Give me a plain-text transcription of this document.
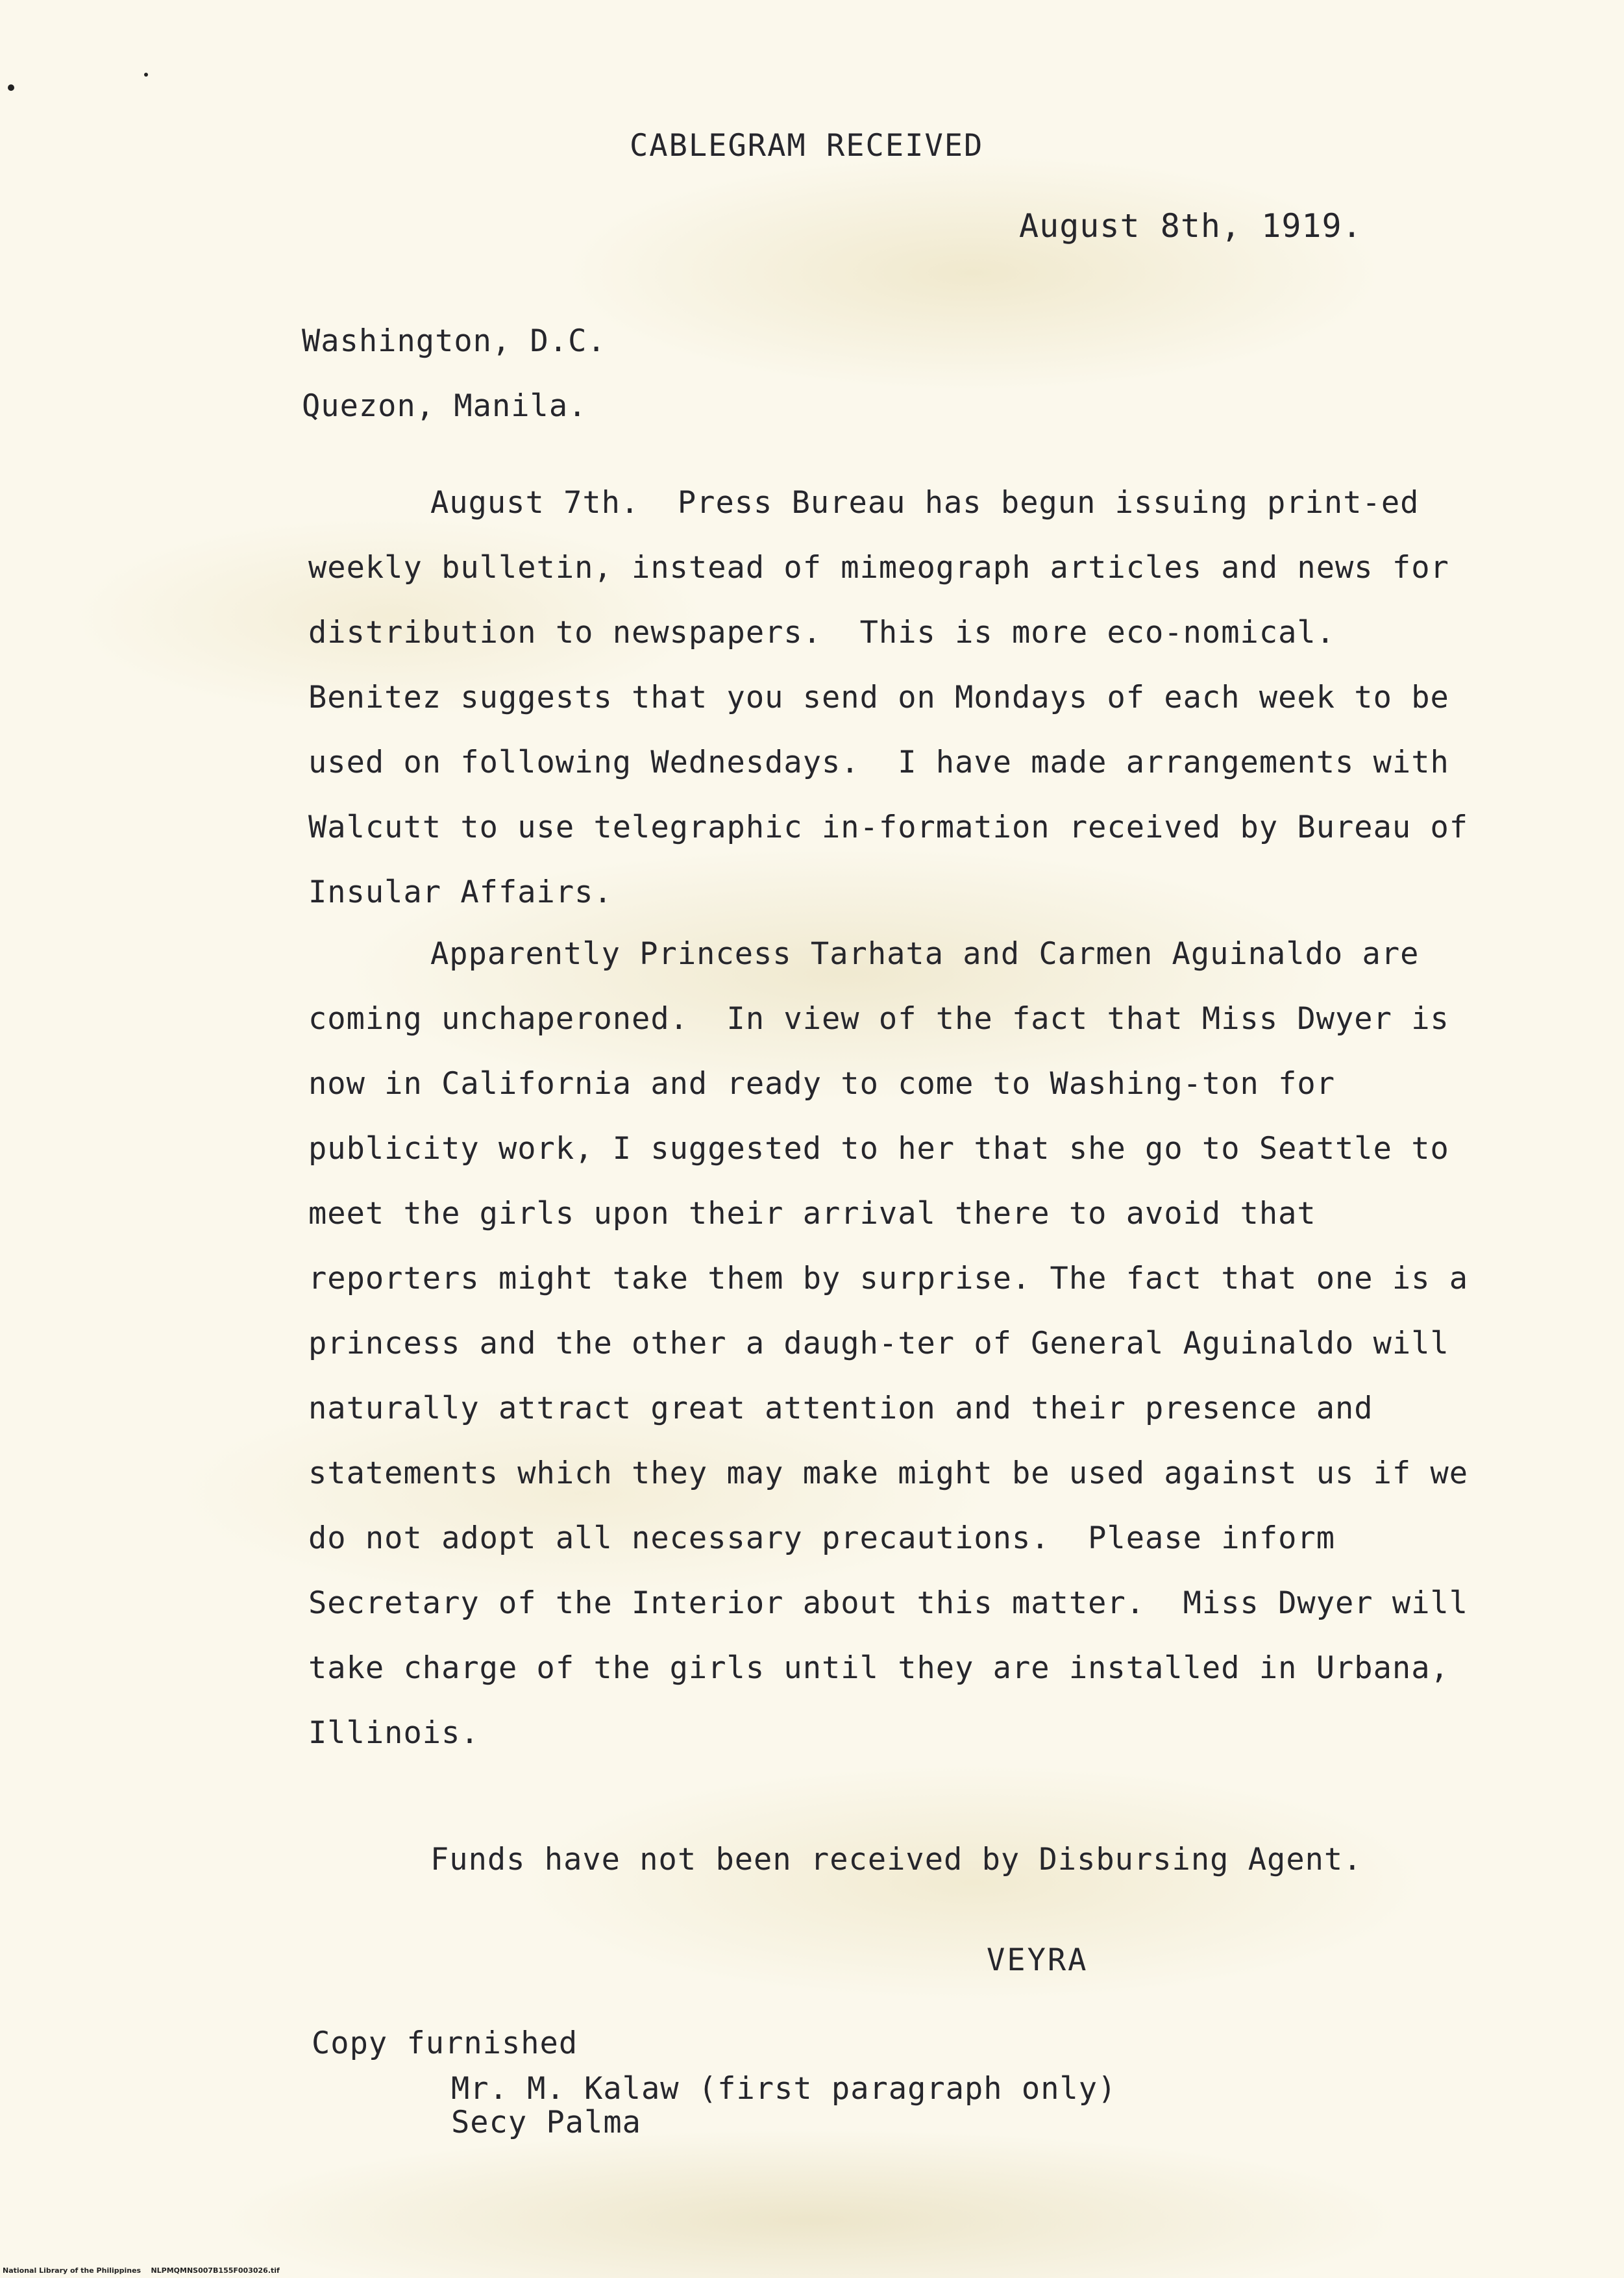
CABLEGRAM RECEIVED
August 8th, 1919.
Washington, D.C.
Quezon, Manila.
August 7th.  Press Bureau has begun issuing print-ed weekly bulletin, instead of mimeograph articles and news for distribution to newspapers.  This is more eco-nomical.  Benitez suggests that you send on Mondays of each week to be used on following Wednesdays.  I have made arrangements with Walcutt to use telegraphic in-formation received by Bureau of Insular Affairs.
Apparently Princess Tarhata and Carmen Aguinaldo are coming unchaperoned.  In view of the fact that Miss Dwyer is now in California and ready to come to Washing-ton for publicity work, I suggested to her that she go to Seattle to meet the girls upon their arrival there to avoid that reporters might take them by surprise. The fact that one is a princess and the other a daugh-ter of General Aguinaldo will naturally attract great attention and their presence and statements which they may make might be used against us if we do not adopt all necessary precautions.  Please inform Secretary of the Interior about this matter.  Miss Dwyer will take charge of the girls until they are installed in Urbana, Illinois.
Funds have not been received by Disbursing Agent.
VEYRA
Copy furnished
Mr. M. Kalaw (first paragraph only)
Secy Palma
National Library of the Philippines NLPMQMNS007B155F003026.tif
